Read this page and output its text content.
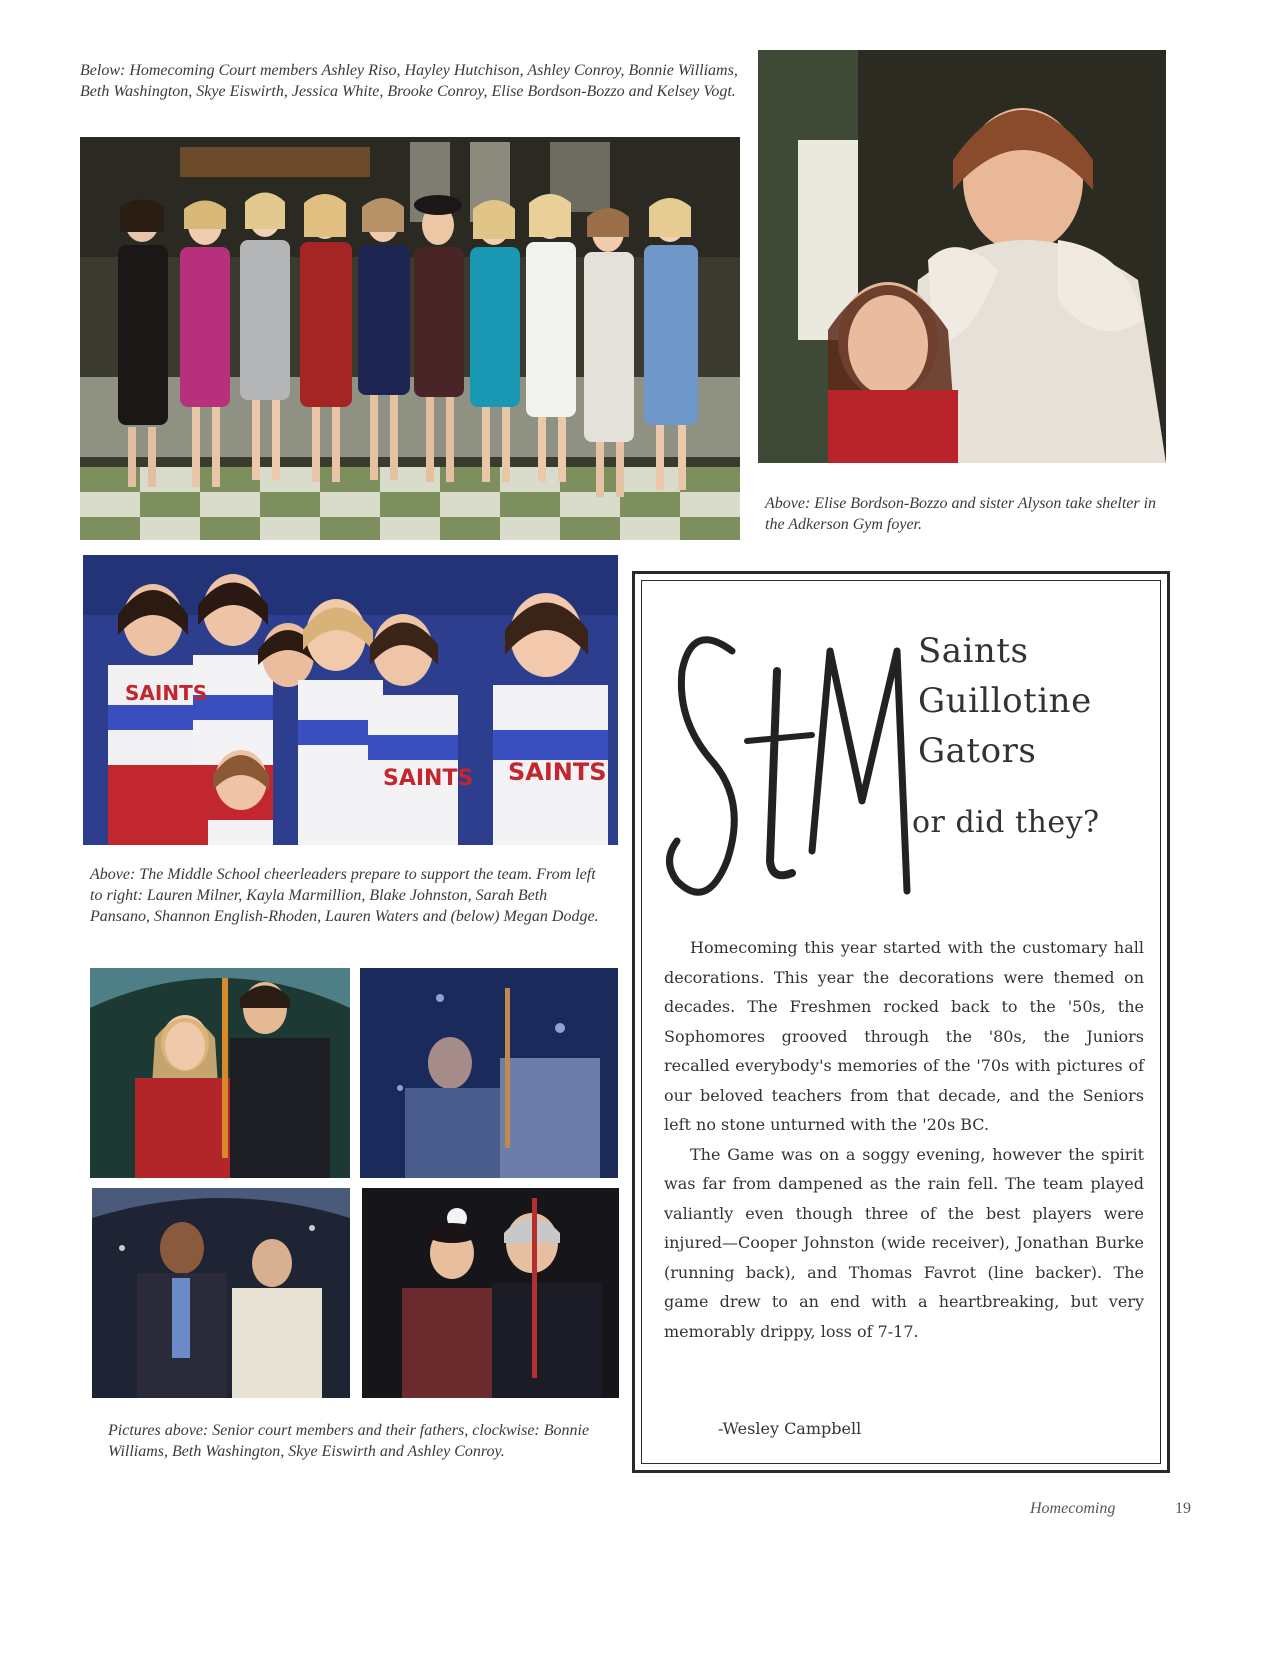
Below: Homecoming Court members Ashley Riso, Hayley Hutchison, Ashley Conroy, Bonnie Williams, Beth Washington, Skye Eiswirth, Jessica White, Brooke Conroy, Elise Bordson-Bozzo and Kelsey Vogt.
Above: Elise Bordson-Bozzo and sister Alyson take shelter in the Adkerson Gym foyer.
SAINTS
SAINTS SAINTS
Above: The Middle School cheerleaders prepare to support the team. From left to right: Lauren Milner, Kayla Marmillion, Blake Johnston, Sarah Beth Pansano, Shannon English-Rhoden, Lauren Waters and (below) Megan Dodge.
Pictures above: Senior court members and their fathers, clockwise: Bonnie Williams, Beth Washington, Skye Eiswirth and Ashley Conroy.
Saints
Guillotine
Gators
or did they?

Homecoming this year started with the customary hall decorations. This year the decorations were themed on decades. The Freshmen rocked back to the '50s, the Sophomores grooved through the '80s, the Juniors recalled everybody's memories of the '70s with pictures of our beloved teachers from that decade, and the Seniors left no stone unturned with the '20s BC.

The Game was on a soggy evening, however the spirit was far from dampened as the rain fell. The team played valiantly even though three of the best players were injured—Cooper Johnston (wide receiver), Jonathan Burke (running back), and Thomas Favrot (line backer). The game drew to an end with a heartbreaking, but very memorably drippy, loss of 7-17.

-Wesley Campbell
Homecoming	19
